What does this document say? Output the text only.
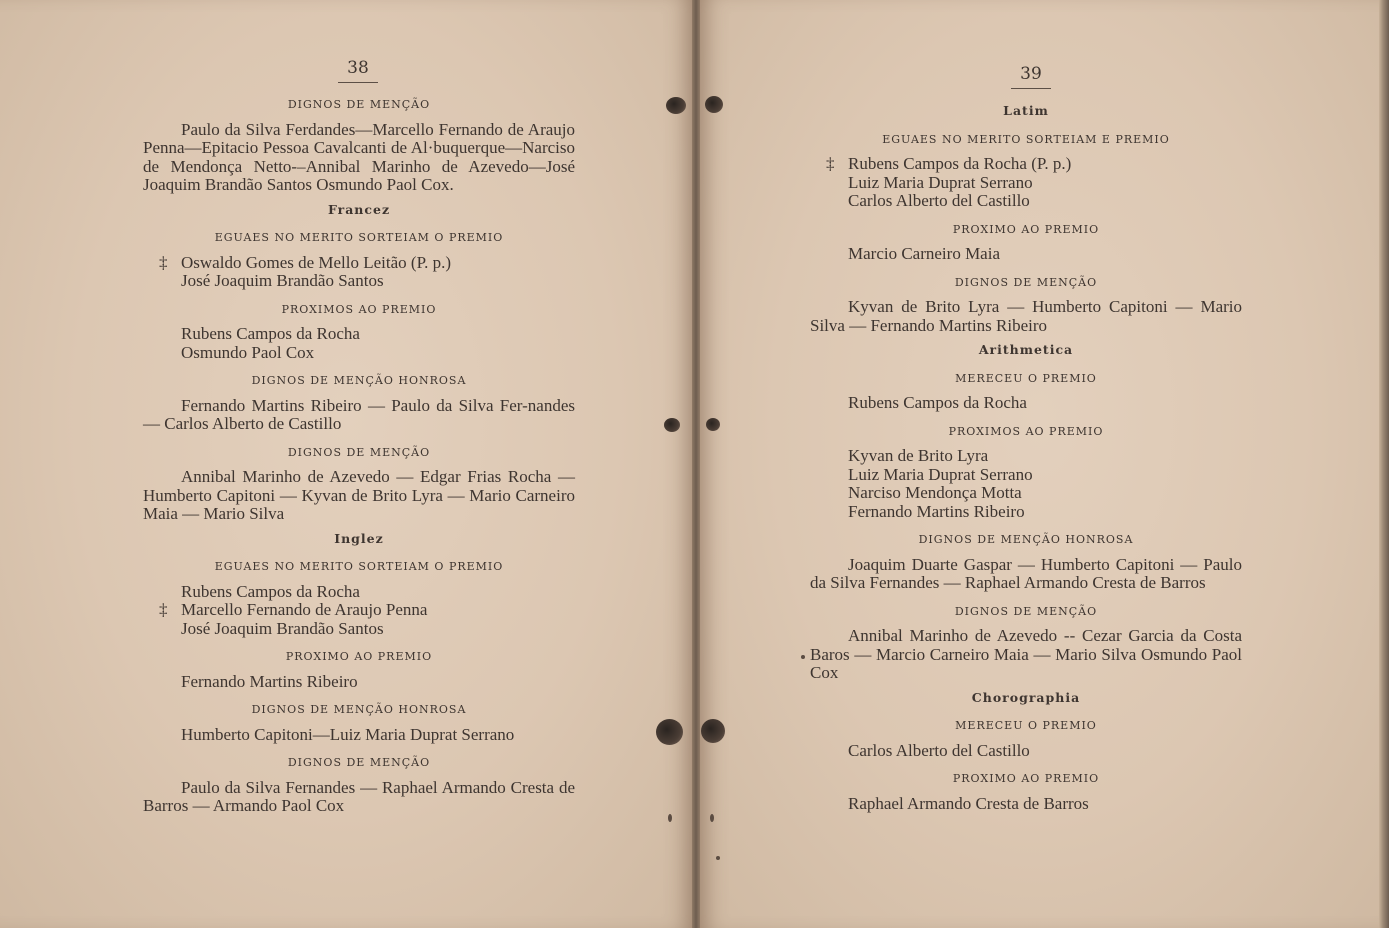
38	39
DIGNOS DE MENÇÃO
Paulo da Silva Ferdandes—Marcello Fernando de Araujo Penna—Epitacio Pessoa Cavalcanti de Al·buquerque—Narciso de Mendonça Netto-–Annibal Marinho de Azevedo—José Joaquim Brandão Santos Osmundo Paol Cox.
Francez
EGUAES NO MERITO SORTEIAM O PREMIO
‡ Oswaldo Gomes de Mello Leitão (P. p.)
José Joaquim Brandão Santos
PROXIMOS AO PREMIO
Rubens Campos da Rocha
Osmundo Paol Cox
DIGNOS DE MENÇÃO HONROSA
Fernando Martins Ribeiro — Paulo da Silva Fer-nandes — Carlos Alberto de Castillo
DIGNOS DE MENÇÃO
Annibal Marinho de Azevedo — Edgar Frias Rocha — Humberto Capitoni — Kyvan de Brito Lyra — Mario Carneiro Maia — Mario Silva
Inglez
EGUAES NO MERITO SORTEIAM O PREMIO
Rubens Campos da Rocha
‡ Marcello Fernando de Araujo Penna
José Joaquim Brandão Santos
PROXIMO AO PREMIO
Fernando Martins Ribeiro
DIGNOS DE MENÇÃO HONROSA
Humberto Capitoni—Luiz Maria Duprat Serrano
DIGNOS DE MENÇÃO
Paulo da Silva Fernandes — Raphael Armando Cresta de Barros — Armando Paol Cox
Latim
EGUAES NO MERITO SORTEIAM E PREMIO
‡ Rubens Campos da Rocha (P. p.)
Luiz Maria Duprat Serrano
Carlos Alberto del Castillo
PROXIMO AO PREMIO
Marcio Carneiro Maia
DIGNOS DE MENÇÃO
Kyvan de Brito Lyra — Humberto Capitoni — Mario Silva — Fernando Martins Ribeiro
Arithmetica
MERECEU O PREMIO
Rubens Campos da Rocha
PROXIMOS AO PREMIO
Kyvan de Brito Lyra
Luiz Maria Duprat Serrano
Narciso Mendonça Motta
Fernando Martins Ribeiro
DIGNOS DE MENÇÃO HONROSA
Joaquim Duarte Gaspar — Humberto Capitoni — Paulo da Silva Fernandes — Raphael Armando Cresta de Barros
DIGNOS DE MENÇÃO
Annibal Marinho de Azevedo -- Cezar Garcia da Costa Baros — Marcio Carneiro Maia — Mario Silva Osmundo Paol Cox
Chorographia
MERECEU O PREMIO
Carlos Alberto del Castillo
PROXIMO AO PREMIO
Raphael Armando Cresta de Barros
